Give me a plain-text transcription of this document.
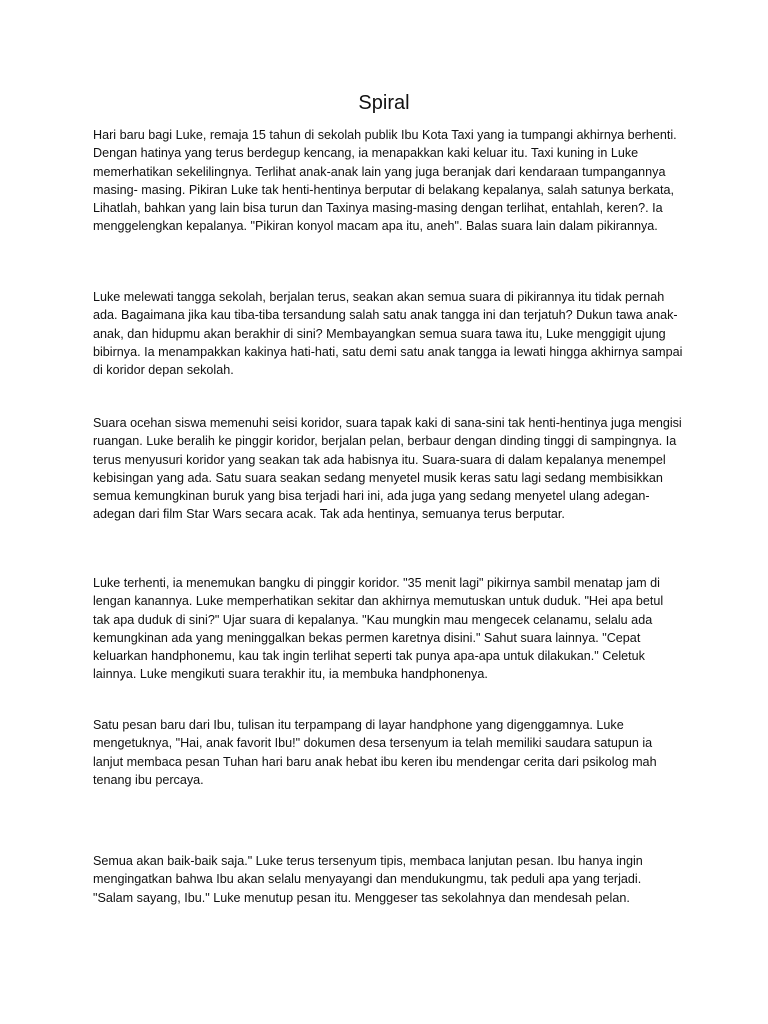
Spiral

Hari baru bagi Luke, remaja 15 tahun di sekolah publik Ibu Kota Taxi yang ia tumpangi akhirnya berhenti. Dengan hatinya yang terus berdegup kencang, ia menapakkan kaki keluar itu. Taxi kuning in Luke memerhatikan sekelilingnya. Terlihat anak-anak lain yang juga beranjak dari kendaraan tumpangannya masing- masing. Pikiran Luke tak henti-hentinya berputar di belakang kepalanya, salah satunya berkata, Lihatlah, bahkan yang lain bisa turun dan Taxinya masing-masing dengan terlihat, entahlah, keren?. Ia menggelengkan kepalanya. "Pikiran konyol macam apa itu, aneh". Balas suara lain dalam pikirannya.

Luke melewati tangga sekolah, berjalan terus, seakan akan semua suara di pikirannya itu tidak pernah ada. Bagaimana jika kau tiba-tiba tersandung salah satu anak tangga ini dan terjatuh? Dukun tawa anak-anak, dan hidupmu akan berakhir di sini? Membayangkan semua suara tawa itu, Luke menggigit ujung bibirnya. Ia menampakkan kakinya hati-hati, satu demi satu anak tangga ia lewati hingga akhirnya sampai di koridor depan sekolah.

Suara ocehan siswa memenuhi seisi koridor, suara tapak kaki di sana-sini tak henti-hentinya juga mengisi ruangan. Luke beralih ke pinggir koridor, berjalan pelan, berbaur dengan dinding tinggi di sampingnya. Ia terus menyusuri koridor yang seakan tak ada habisnya itu. Suara-suara di dalam kepalanya menempel kebisingan yang ada. Satu suara seakan sedang menyetel musik keras satu lagi sedang membisikkan semua kemungkinan buruk yang bisa terjadi hari ini, ada juga yang sedang menyetel ulang adegan-adegan dari film Star Wars secara acak. Tak ada hentinya, semuanya terus berputar.

Luke terhenti, ia menemukan bangku di pinggir koridor. "35 menit lagi" pikirnya sambil menatap jam di lengan kanannya. Luke memperhatikan sekitar dan akhirnya memutuskan untuk duduk. "Hei apa betul tak apa duduk di sini?" Ujar suara di kepalanya. "Kau mungkin mau mengecek celanamu, selalu ada kemungkinan ada yang meninggalkan bekas permen karetnya disini." Sahut suara lainnya. "Cepat keluarkan handphonemu, kau tak ingin terlihat seperti tak punya apa-apa untuk dilakukan." Celetuk lainnya. Luke mengikuti suara terakhir itu, ia membuka handphonenya.

Satu pesan baru dari Ibu, tulisan itu terpampang di layar handphone yang digenggamnya. Luke mengetuknya, "Hai, anak favorit Ibu!" dokumen desa tersenyum ia telah memiliki saudara satupun ia lanjut membaca pesan Tuhan hari baru anak hebat ibu keren ibu mendengar cerita dari psikolog mah tenang ibu percaya.

Semua akan baik-baik saja." Luke terus tersenyum tipis, membaca lanjutan pesan. Ibu hanya ingin mengingatkan bahwa Ibu akan selalu menyayangi dan mendukungmu, tak peduli apa yang terjadi. "Salam sayang, Ibu." Luke menutup pesan itu. Menggeser tas sekolahnya dan mendesah pelan.
